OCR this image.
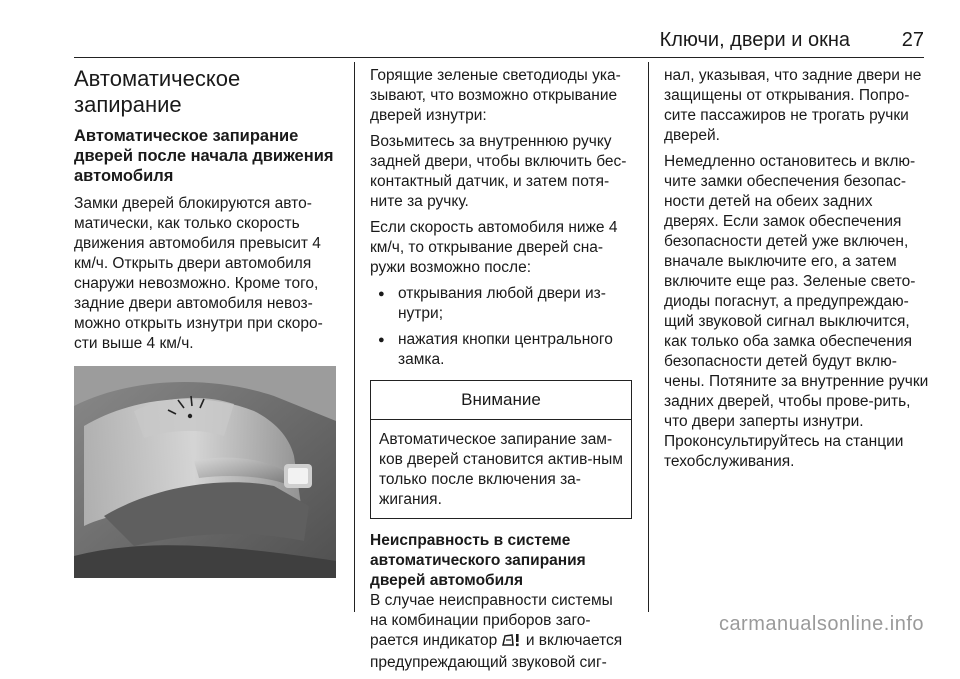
Ключи, двери и окна	27
Автоматическое запирание
Автоматическое запирание дверей после начала движения автомобиля

Замки дверей блокируются авто-матически, как только скорость движения автомобиля превысит 4 км/ч. Открыть двери автомобиля снаружи невозможно. Кроме того, задние двери автомобиля невоз-можно открыть изнутри при скоро-сти выше 4 км/ч.

Горящие зеленые светодиоды ука-зывают, что возможно открывание дверей изнутри:

Возьмитесь за внутреннюю ручку задней двери, чтобы включить бес-контактный датчик, и затем потя-ните за ручку.

Если скорость автомобиля ниже 4 км/ч, то открывание дверей сна-ружи возможно после:

● открывания любой двери из-нутри;
● нажатия кнопки центрального замка.
Внимание

Автоматическое запирание зам-ков дверей становится актив-ным только после включения за-жигания.

Неисправность в системе автоматического запирания дверей автомобиля

В случае неисправности системы на комбинации приборов заго-рается индикатор и включается предупреждающий звуковой сиг-

нал, указывая, что задние двери не защищены от открывания. Попро-сите пассажиров не трогать ручки дверей.

Немедленно остановитесь и вклю-чите замки обеспечения безопас-ности детей на обеих задних дверях. Если замок обеспечения безопасности детей уже включен, вначале выключите его, а затем включите еще раз. Зеленые свето-диоды погаснут, а предупреждаю-щий звуковой сигнал выключится, как только оба замка обеспечения безопасности детей будут вклю-чены. Потяните за внутренние ручки задних дверей, чтобы прове-рить, что двери заперты изнутри. Проконсультируйтесь на станции техобслуживания.

carmanualsonline.info
